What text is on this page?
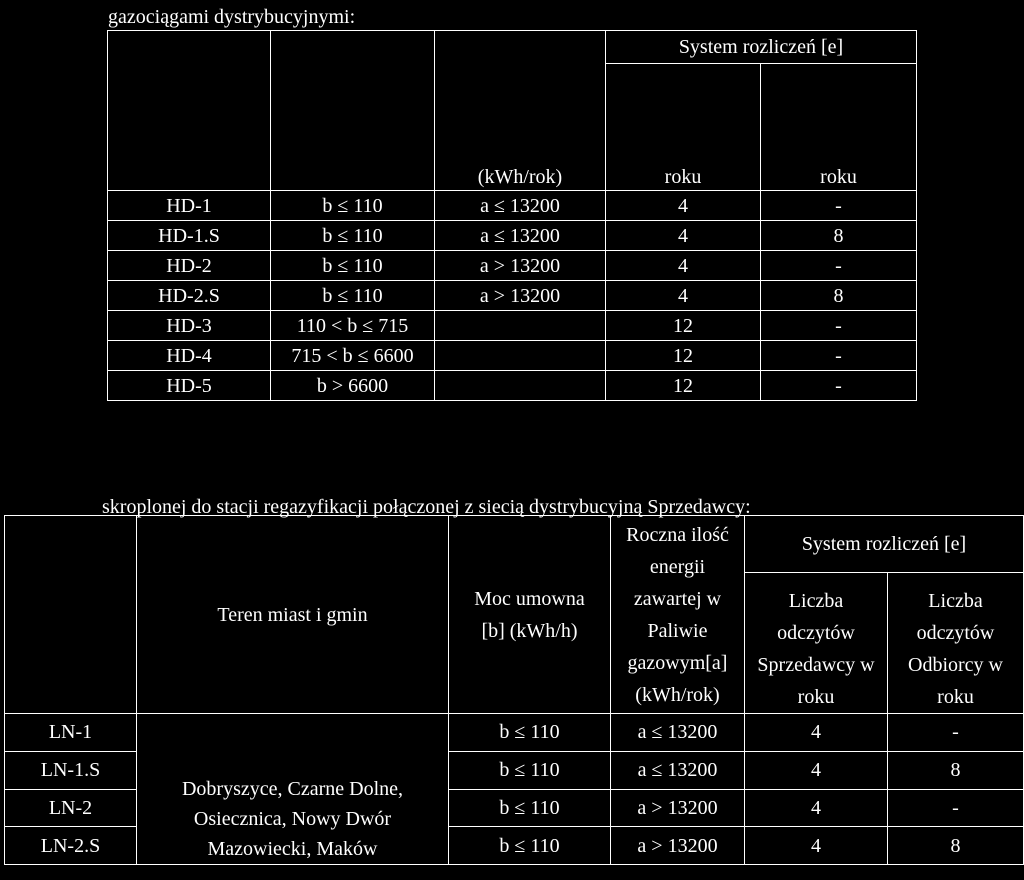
gazociągami dystrybucyjnymi:
		(kWh/rok)	System rozliczeń [e]	
			roku	roku
HD-1	b ≤ 110	a ≤ 13200	4	-
HD-1.S	b ≤ 110	a ≤ 13200	4	8
HD-2	b ≤ 110	a > 13200	4	-
HD-2.S	b ≤ 110	a > 13200	4	8
HD-3	110 < b ≤ 715		12	-
HD-4	715 < b ≤ 6600		12	-
HD-5	b > 6600		12	-
skroplonej do stacji regazyfikacji połączonej z siecią dystrybucyjną Sprzedawcy:
	Teren miast i gmin	Moc umowna [b] (kWh/h)	Roczna ilość energii zawartej w Paliwie gazowym[a] (kWh/rok)	System rozliczeń [e]	
				Liczba odczytów Sprzedawcy w roku	Liczba odczytów Odbiorcy w roku
LN-1	Dobryszyce, Czarne Dolne, Osiecznica, Nowy Dwór Mazowiecki, Maków	b ≤ 110	a ≤ 13200	4	-
LN-1.S		b ≤ 110	a ≤ 13200	4	8
LN-2		b ≤ 110	a > 13200	4	-
LN-2.S		b ≤ 110	a > 13200	4	8
